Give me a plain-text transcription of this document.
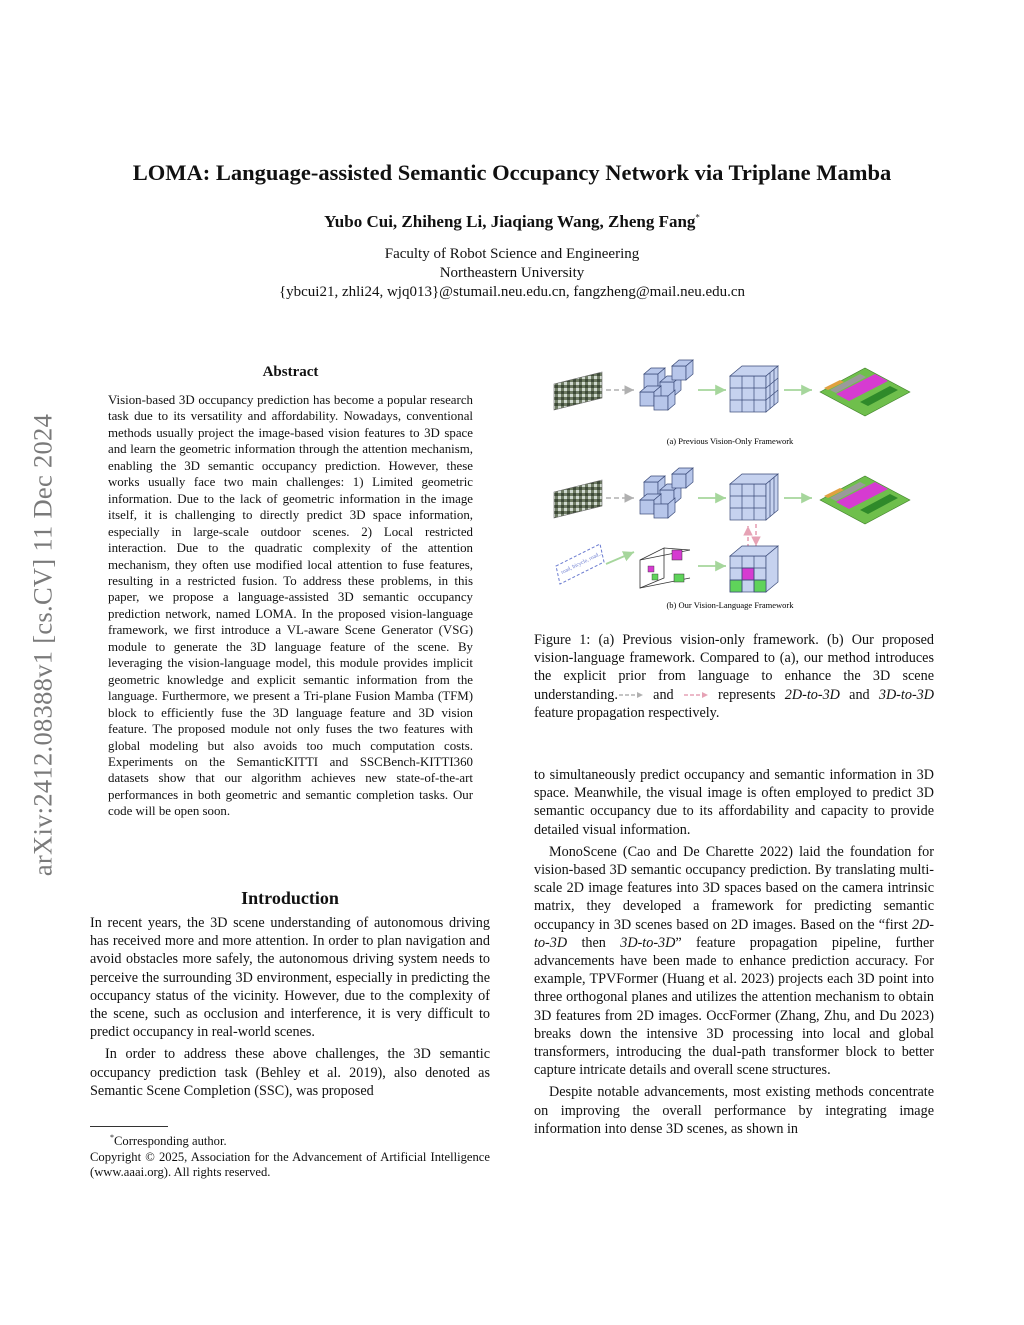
arXiv:2412.08388v1 [cs.CV] 11 Dec 2024
LOMA: Language-assisted Semantic Occupancy Network via Triplane Mamba
Yubo Cui, Zhiheng Li, Jiaqiang Wang, Zheng Fang*
Faculty of Robot Science and Engineering
Northeastern University
{ybcui21, zhli24, wjq013}@stumail.neu.edu.cn, fangzheng@mail.neu.edu.cn
Abstract
Vision-based 3D occupancy prediction has become a popular research task due to its versatility and affordability. Nowadays, conventional methods usually project the image-based vision features to 3D space and learn the geometric information through the attention mechanism, enabling the 3D semantic occupancy prediction. However, these works usually face two main challenges: 1) Limited geometric information. Due to the lack of geometric information in the image itself, it is challenging to directly predict 3D space information, especially in large-scale outdoor scenes. 2) Local restricted interaction. Due to the quadratic complexity of the attention mechanism, they often use modified local attention to fuse features, resulting in a restricted fusion. To address these problems, in this paper, we propose a language-assisted 3D semantic occupancy prediction network, named LOMA. In the proposed vision-language framework, we first introduce a VL-aware Scene Generator (VSG) module to generate the 3D language feature of the scene. By leveraging the vision-language model, this module provides implicit geometric knowledge and explicit semantic information from the language. Furthermore, we present a Tri-plane Fusion Mamba (TFM) block to efficiently fuse the 3D language feature and 3D vision feature. The proposed module not only fuses the two features with global modeling but also avoids too much computation costs. Experiments on the SemanticKITTI and SSCBench-KITTI360 datasets show that our algorithm achieves new state-of-the-art performances in both geometric and semantic completion tasks. Our code will be open soon.
Introduction

In recent years, the 3D scene understanding of autonomous driving has received more and more attention. In order to plan navigation and avoid obstacles more safely, the autonomous driving system needs to perceive the surrounding 3D environment, especially in predicting the occupancy status of the vicinity. However, due to the complexity of the scene, such as occlusion and interference, it is very difficult to predict occupancy in real-world scenes.

In order to address these above challenges, the 3D semantic occupancy prediction task (Behley et al. 2019), also denoted as Semantic Scene Completion (SSC), was proposed

*Corresponding author.
Copyright © 2025, Association for the Advancement of Artificial Intelligence (www.aaai.org). All rights reserved.
(a) Previous Vision-Only Framework
road, bicycle, road...
(b) Our Vision-Language Framework
Figure 1: (a) Previous vision-only framework. (b) Our proposed vision-language framework. Compared to (a), our method introduces the explicit prior from language to enhance the 3D scene understanding. and	represents 2D-to-3D and 3D-to-3D feature propagation respectively.

to simultaneously predict occupancy and semantic information in 3D space. Meanwhile, the visual image is often employed to predict 3D semantic occupancy due to its affordability and capacity to provide detailed visual information.

MonoScene (Cao and De Charette 2022) laid the foundation for vision-based 3D semantic occupancy prediction. By translating multi-scale 2D image features into 3D spaces based on the camera intrinsic matrix, they developed a framework for predicting semantic occupancy in 3D scenes based on 2D images. Based on the “first 2D-to-3D then 3D-to-3D” feature propagation pipeline, further advancements have been made to enhance prediction accuracy. For example, TPVFormer (Huang et al. 2023) projects each 3D point into three orthogonal planes and utilizes the attention mechanism to obtain 3D features from 2D images. OccFormer (Zhang, Zhu, and Du 2023) breaks down the intensive 3D processing into local and global transformers, introducing the dual-path transformer block to better capture intricate details and overall scene structures.

Despite notable advancements, most existing methods concentrate on improving the overall performance by integrating image information into dense 3D scenes, as shown in
